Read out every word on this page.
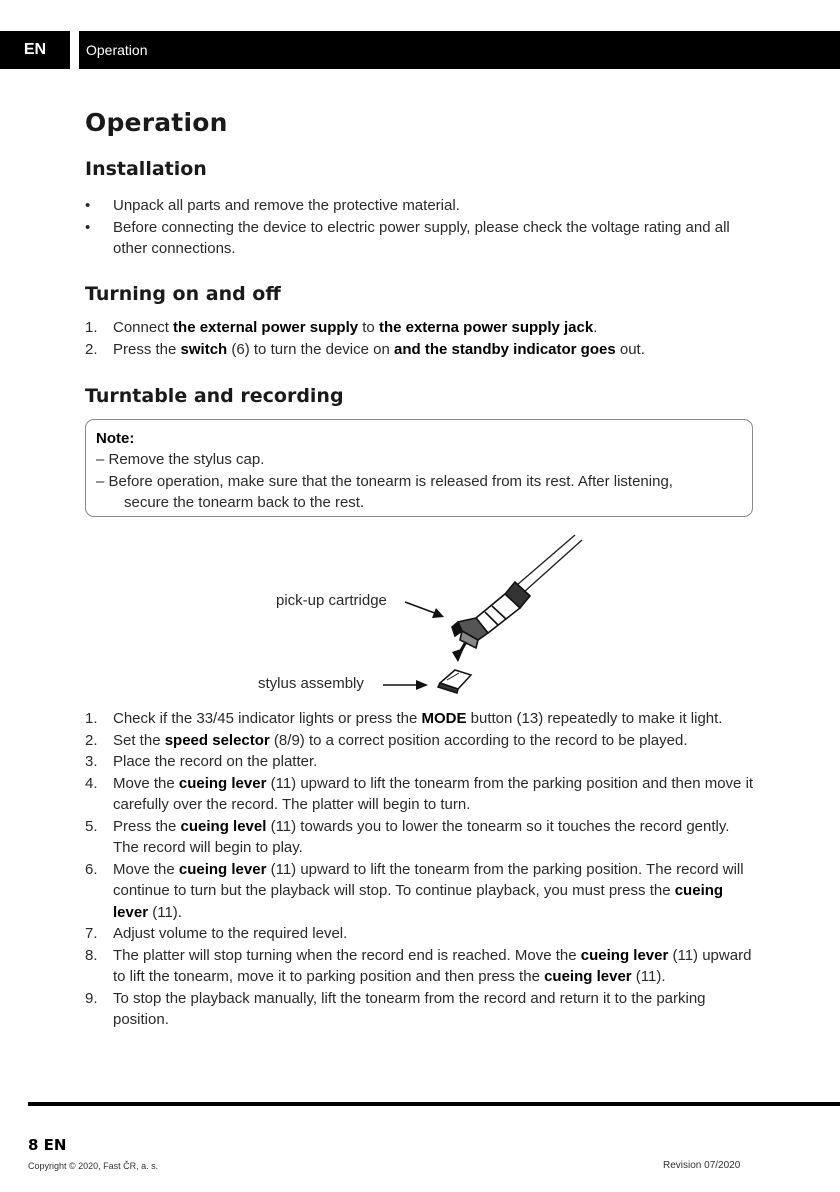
EN	Operation
Operation
Installation
• Unpack all parts and remove the protective material.
• Before connecting the device to electric power supply, please check the voltage rating and all other connections.
Turning on and off
1. Connect the external power supply to the externa power supply jack.
2. Press the switch (6) to turn the device on and the standby indicator goes out.
Turntable and recording
1. Check if the 33/45 indicator lights or press the MODE button (13) repeatedly to make it light.
2. Set the speed selector (8/9) to a correct position according to the record to be played.
3. Place the record on the platter.
4. Move the cueing lever (11) upward to lift the tonearm from the parking position and then move it carefully over the record. The platter will begin to turn.
5. Press the cueing level (11) towards you to lower the tonearm so it touches the record gently. The record will begin to play.
6. Move the cueing lever (11) upward to lift the tonearm from the parking position. The record will continue to turn but the playback will stop. To continue playback, you must press the cueing lever (11).
7. Adjust volume to the required level.
8. The platter will stop turning when the record end is reached. Move the cueing lever (11) upward to lift the tonearm, move it to parking position and then press the cueing lever (11).
9. To stop the playback manually, lift the tonearm from the record and return it to the parking position.

Note:

– Remove the stylus cap.

– Before operation, make sure that the tonearm is released from its rest. After listening,

secure the tonearm back to the rest.

pick-up cartridge
stylus assembly
8 EN
Copyright © 2020, Fast ČR, a. s.	Revision 07/2020
